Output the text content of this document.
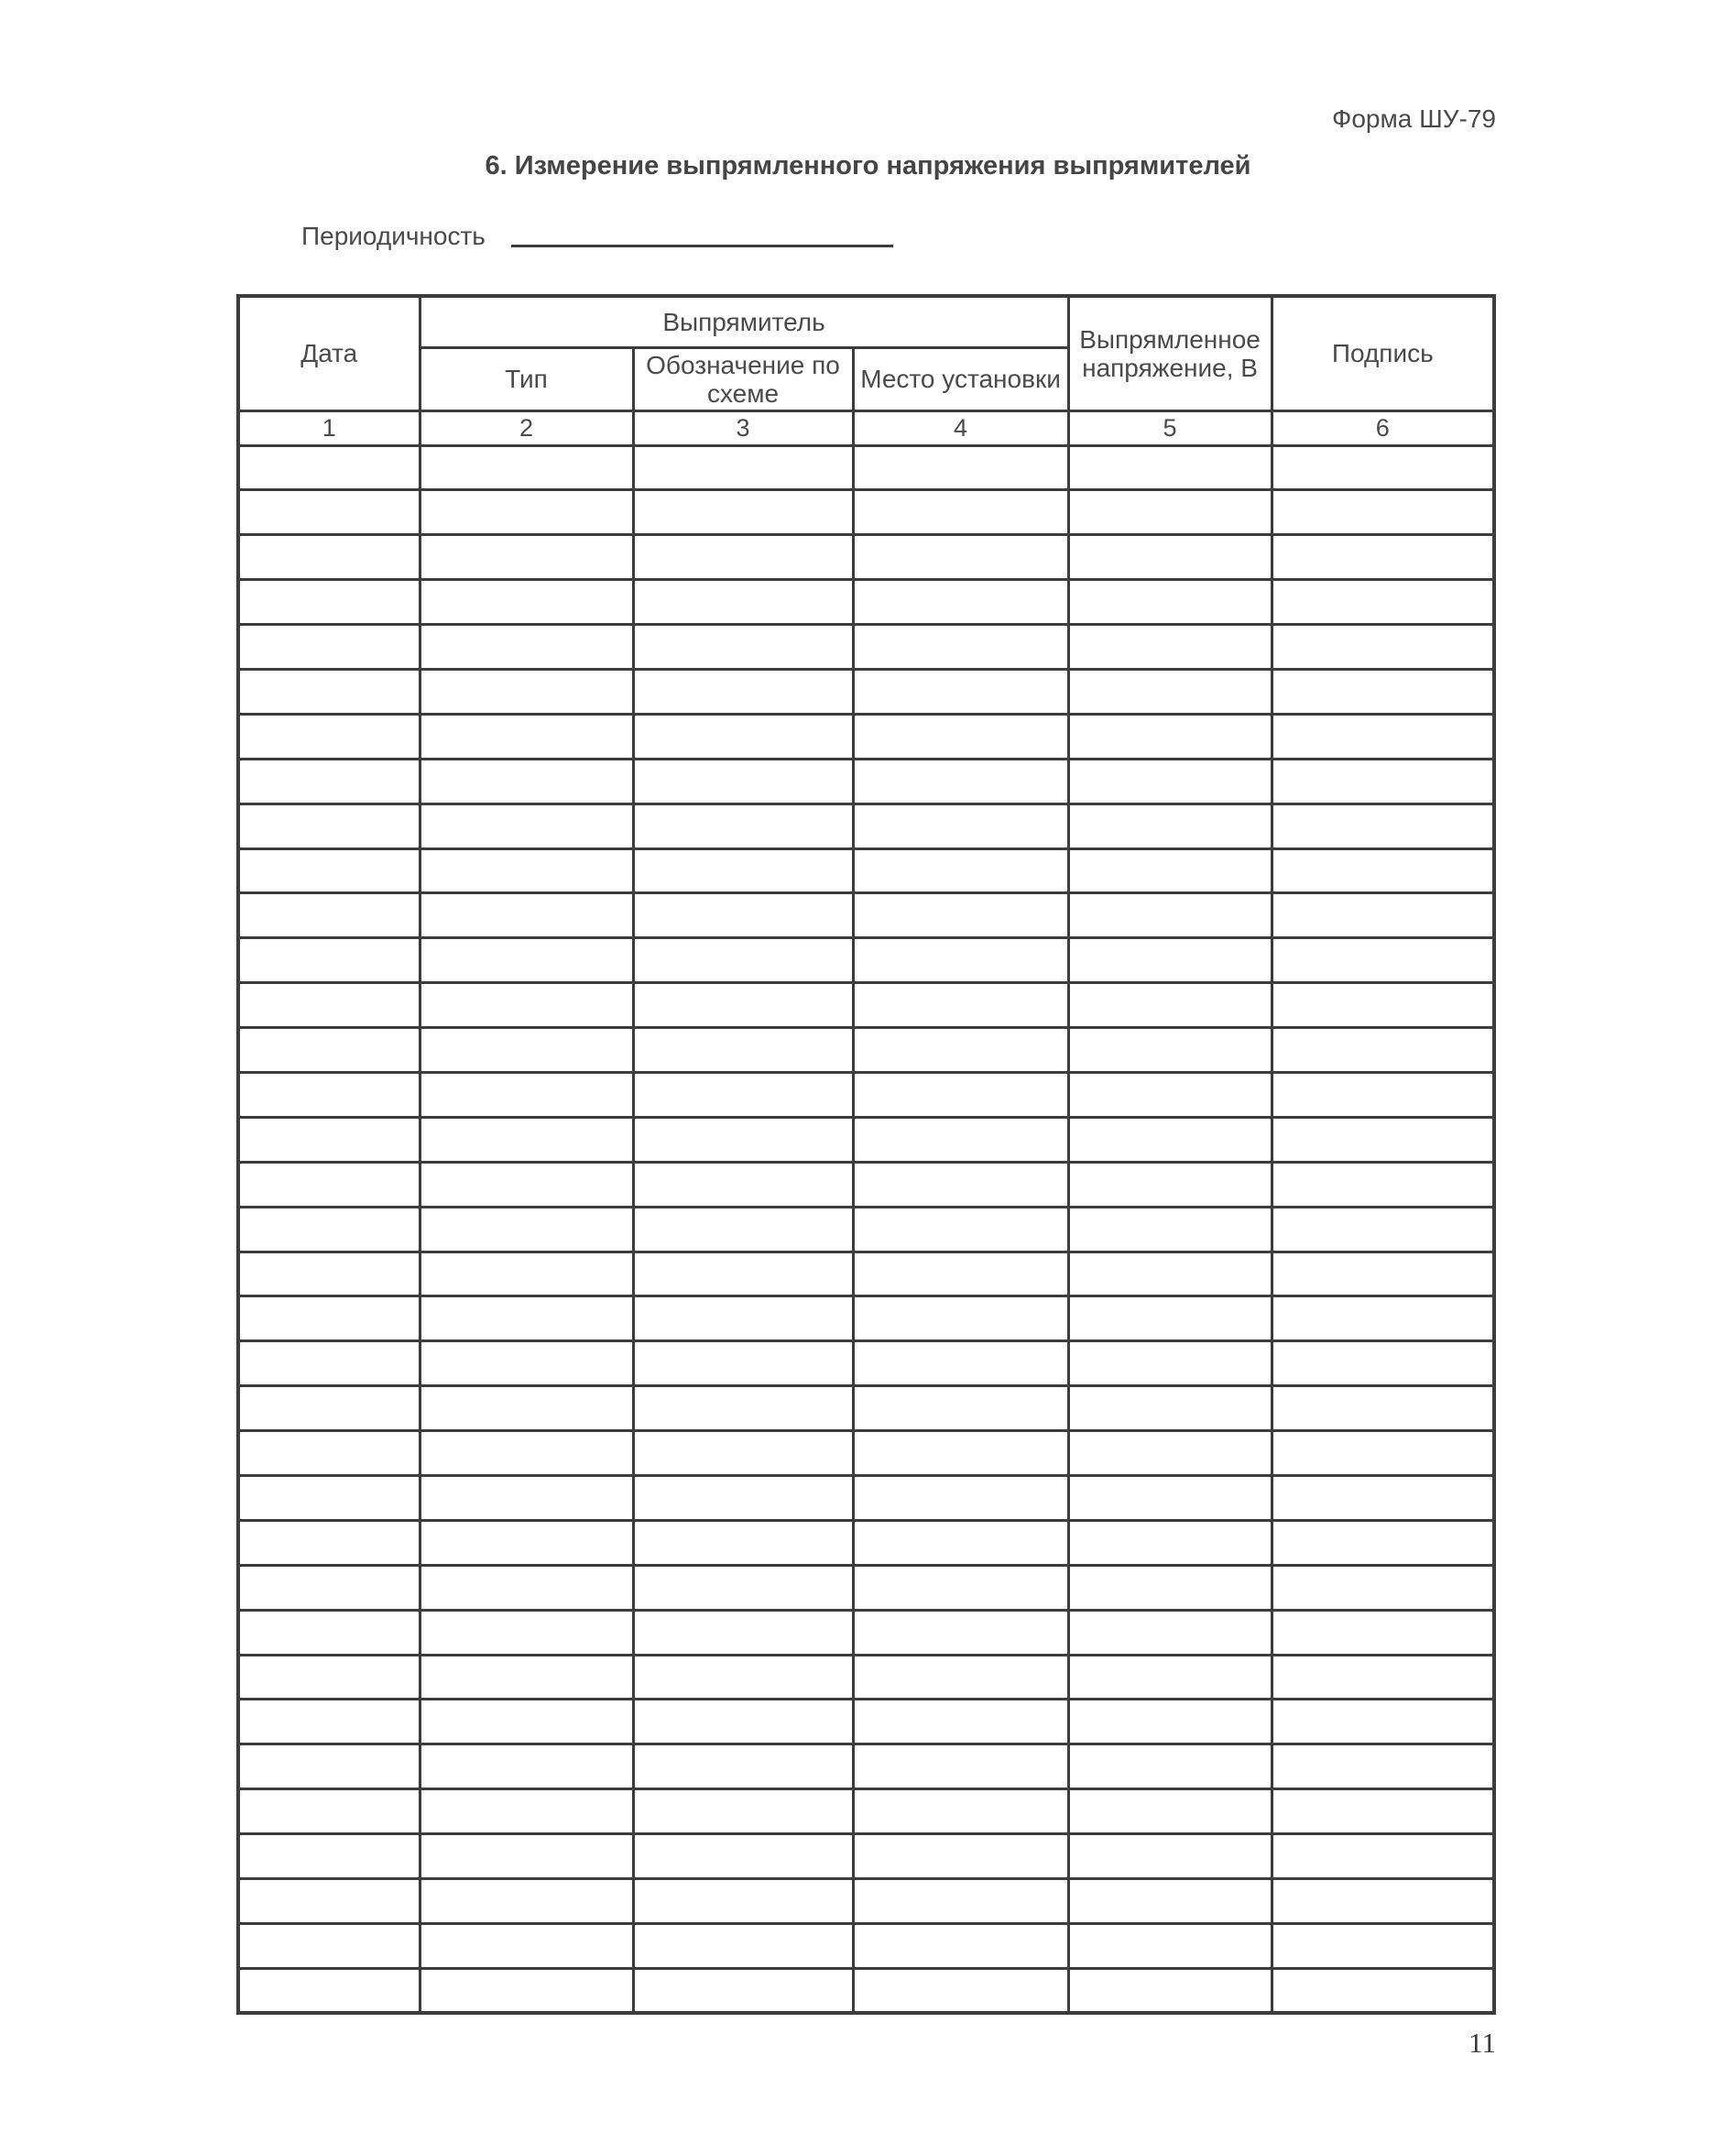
Форма ШУ-79
6. Измерение выпрямленного напряжения выпрямителей
Периодичность
Дата	Выпрямитель			Выпрямленное напряжение, В	Подпись
	Тип	Обозначение по схеме	Место установки		
1	2	3	4	5	6

11
